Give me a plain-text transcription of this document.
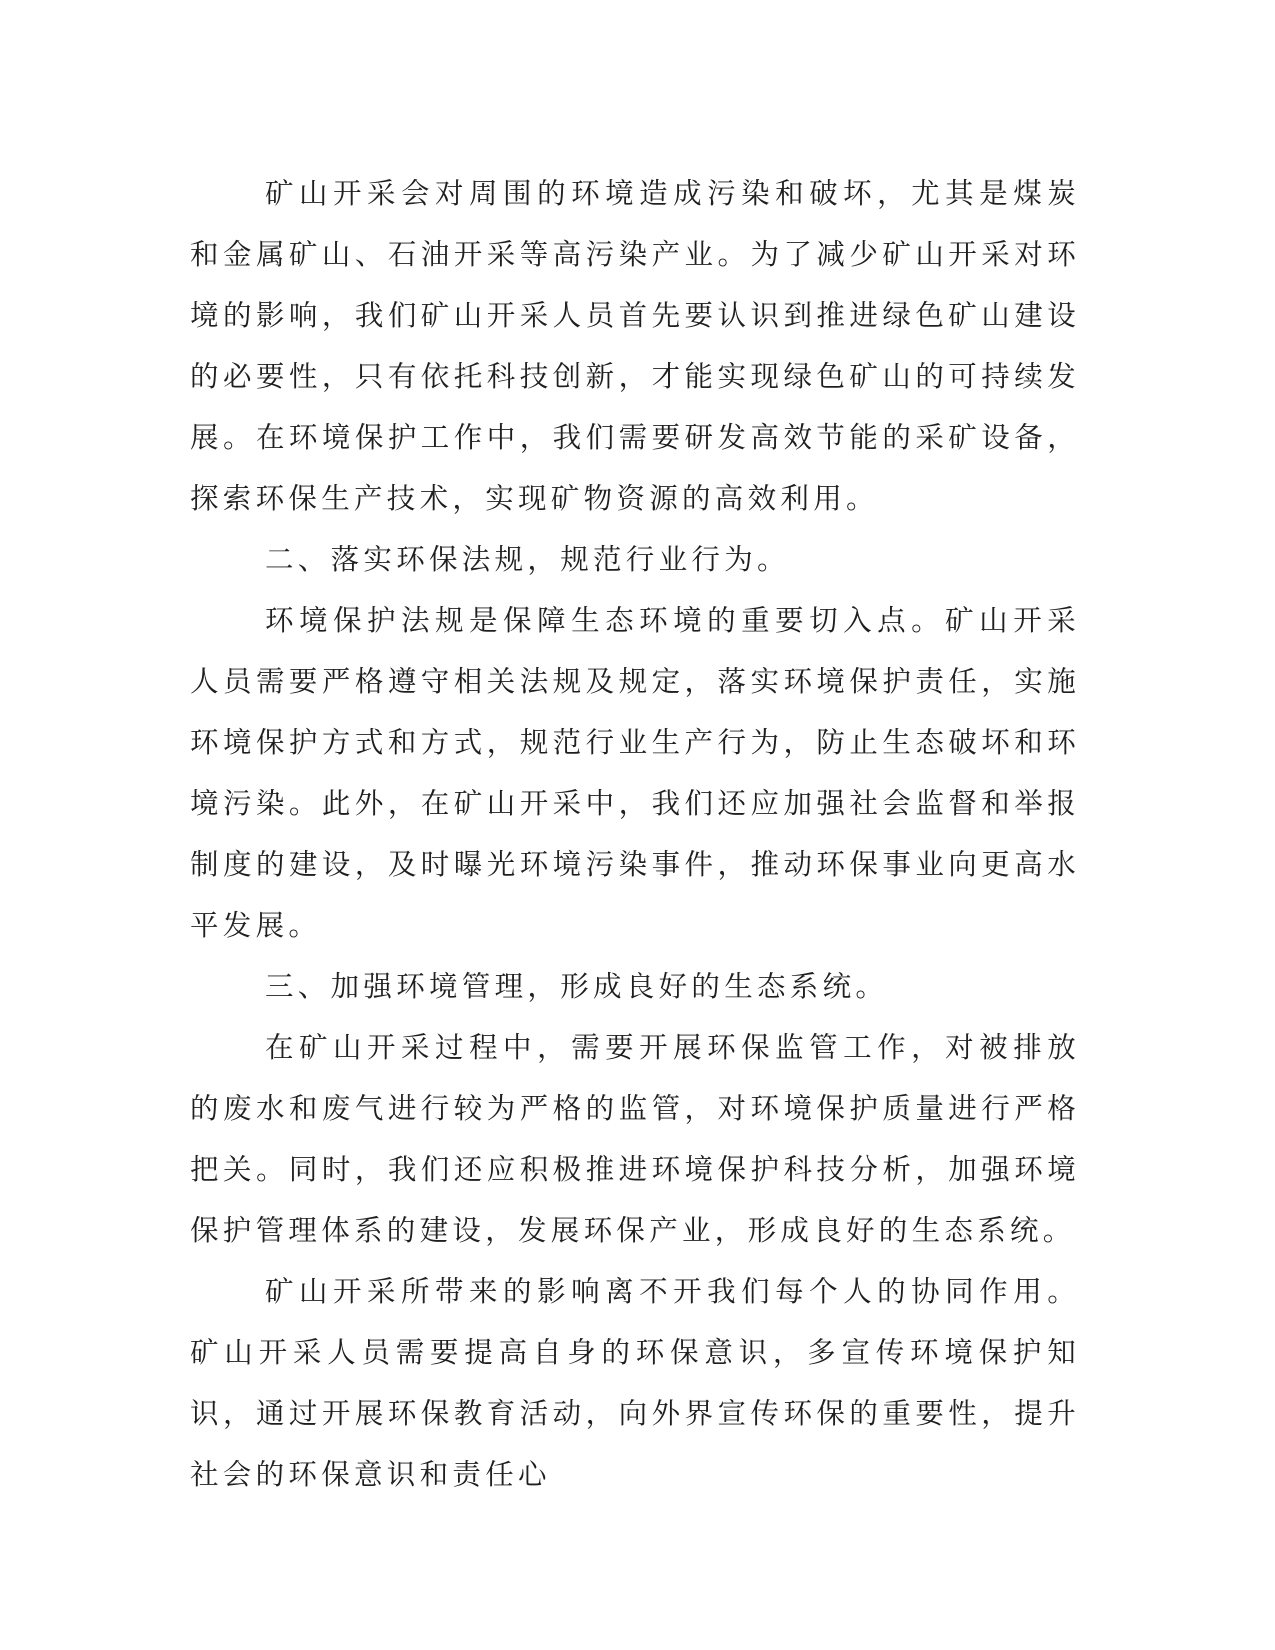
矿山开采会对周围的环境造成污染和破坏，尤其是煤炭和金属矿山、石油开采等高污染产业。为了减少矿山开采对环境的影响，我们矿山开采人员首先要认识到推进绿色矿山建设的必要性，只有依托科技创新，才能实现绿色矿山的可持续发展。在环境保护工作中，我们需要研发高效节能的采矿设备，探索环保生产技术，实现矿物资源的高效利用。

二、落实环保法规，规范行业行为。

环境保护法规是保障生态环境的重要切入点。矿山开采人员需要严格遵守相关法规及规定，落实环境保护责任，实施环境保护方式和方式，规范行业生产行为，防止生态破坏和环境污染。此外，在矿山开采中，我们还应加强社会监督和举报制度的建设，及时曝光环境污染事件，推动环保事业向更高水平发展。

三、加强环境管理，形成良好的生态系统。

在矿山开采过程中，需要开展环保监管工作，对被排放的废水和废气进行较为严格的监管，对环境保护质量进行严格把关。同时，我们还应积极推进环境保护科技分析，加强环境保护管理体系的建设，发展环保产业，形成良好的生态系统。

矿山开采所带来的影响离不开我们每个人的协同作用。矿山开采人员需要提高自身的环保意识，多宣传环境保护知识，通过开展环保教育活动，向外界宣传环保的重要性，提升社会的环保意识和责任心
